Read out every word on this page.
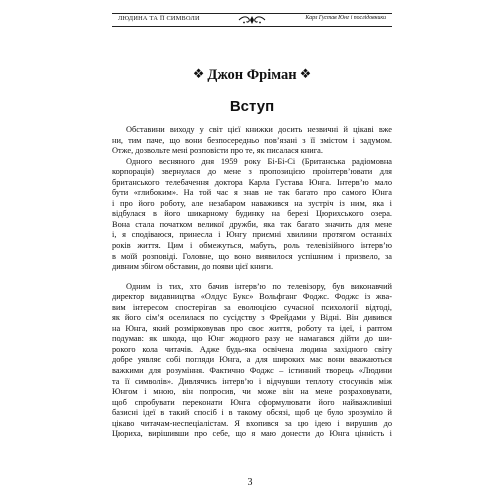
ЛЮДИНА ТА ЇЇ СИМВОЛИ	Карл Густав Юнг і послідовники
❖ Джон Фріман ❖
Вступ
Обставини виходу у світ цієї книжки досить незвичні й цікаві вже
ни, тим паче, що вони безпосередньо пов’язані з її змістом і задумом.
Отже, дозвольте мені розповісти про те, як писалася книга.
Одного весняного дня 1959 року Бі-Бі-Сі (Британська радіомовна
корпорація) звернулася до мене з пропозицією проінтерв’ювати для
британського телебачення доктора Карла Густава Юнга. Інтерв’ю мало
бути «глибоким». На той час я знав не так багато про самого Юнга
і про його роботу, але незабаром наважився на зустріч із ним, яка і
відбулася в його шикарному будинку на березі Цюрихського озера.
Вона стала початком великої дружби, яка так багато значить для мене
і, я сподіваюся, принесла і Юнгу приємні хвилини протягом останніх
років життя. Цим і обмежуться, мабуть, роль телевізійного інтерв’ю
в моїй розповіді. Головне, що воно виявилося успішним і призвело, за
дивним збігом обставин, до появи цієї книги.
Одним із тих, хто бачив інтерв’ю по телевізору, був виконавчий
директор видавництва «Олдус Букс» Вольфганг Фоджс. Фоджс із жва-
вим інтересом спостерігав за еволюцією сучасної психології відтоді,
як його сім’я оселилася по сусідству з Фрейдами у Відні. Він дивився
на Юнга, який розмірковував про своє життя, роботу та ідеї, і раптом
подумав: як шкода, що Юнг жодного разу не намагався дійти до ши-
рокого кола читачів. Адже будь-яка освічена людина західного світу
добре уявляє собі погляди Юнга, а для широких мас вони вважаються
важкими для розуміння. Фактично Фоджс – істинний творець «Людини
та її символів». Дивлячись інтерв’ю і відчувши теплоту стосунків між
Юнгом і мною, він попросив, чи може він на мене розраховувати,
щоб спробувати переконати Юнга сформулювати його найважливіші
базисні ідеї в такий спосіб і в такому обсязі, щоб це було зрозуміло й
цікаво читачам-неспеціалістам. Я вхопився за цю ідею і вирушив до
Цюриха, вирішивши про себе, що я маю донести до Юнга цінність і
3
